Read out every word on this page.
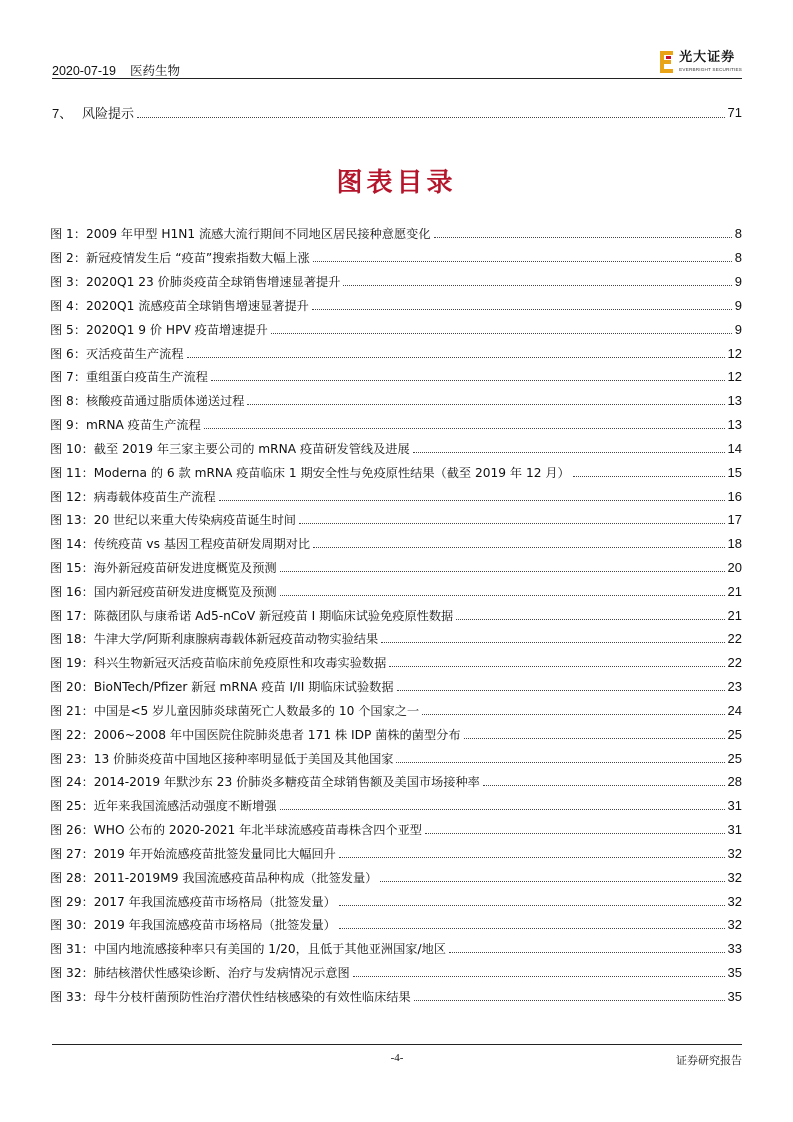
2020-07-19 医药生物
光大证券
EVERBRIGHT SECURITIES
7、 风险提示	71
图表目录
图 1：2009 年甲型 H1N1 流感大流行期间不同地区居民接种意愿变化	8
图 2：新冠疫情发生后 “疫苗”搜索指数大幅上涨	8
图 3：2020Q1 23 价肺炎疫苗全球销售增速显著提升	9
图 4：2020Q1 流感疫苗全球销售增速显著提升	9
图 5：2020Q1 9 价 HPV 疫苗增速提升	9
图 6：灭活疫苗生产流程	12
图 7：重组蛋白疫苗生产流程	12
图 8：核酸疫苗通过脂质体递送过程	13
图 9：mRNA 疫苗生产流程	13
图 10：截至 2019 年三家主要公司的 mRNA 疫苗研发管线及进展	14
图 11：Moderna 的 6 款 mRNA 疫苗临床 1 期安全性与免疫原性结果（截至 2019 年 12 月）	15
图 12：病毒载体疫苗生产流程	16
图 13：20 世纪以来重大传染病疫苗诞生时间	17
图 14：传统疫苗 vs 基因工程疫苗研发周期对比	18
图 15：海外新冠疫苗研发进度概览及预测	20
图 16：国内新冠疫苗研发进度概览及预测	21
图 17：陈薇团队与康希诺 Ad5-nCoV 新冠疫苗 I 期临床试验免疫原性数据	21
图 18：牛津大学/阿斯利康腺病毒载体新冠疫苗动物实验结果	22
图 19：科兴生物新冠灭活疫苗临床前免疫原性和攻毒实验数据	22
图 20：BioNTech/Pfizer 新冠 mRNA 疫苗 I/II 期临床试验数据	23
图 21：中国是<5 岁儿童因肺炎球菌死亡人数最多的 10 个国家之一	24
图 22：2006~2008 年中国医院住院肺炎患者 171 株 IDP 菌株的菌型分布	25
图 23：13 价肺炎疫苗中国地区接种率明显低于美国及其他国家	25
图 24：2014-2019 年默沙东 23 价肺炎多糖疫苗全球销售额及美国市场接种率	28
图 25：近年来我国流感活动强度不断增强	31
图 26：WHO 公布的 2020-2021 年北半球流感疫苗毒株含四个亚型	31
图 27：2019 年开始流感疫苗批签发量同比大幅回升	32
图 28：2011-2019M9 我国流感疫苗品种构成（批签发量）	32
图 29：2017 年我国流感疫苗市场格局（批签发量）	32
图 30：2019 年我国流感疫苗市场格局（批签发量）	32
图 31：中国内地流感接种率只有美国的 1/20，且低于其他亚洲国家/地区	33
图 32：肺结核潜伏性感染诊断、治疗与发病情况示意图	35
图 33：母牛分枝杆菌预防性治疗潜伏性结核感染的有效性临床结果	35
-4-	证券研究报告
